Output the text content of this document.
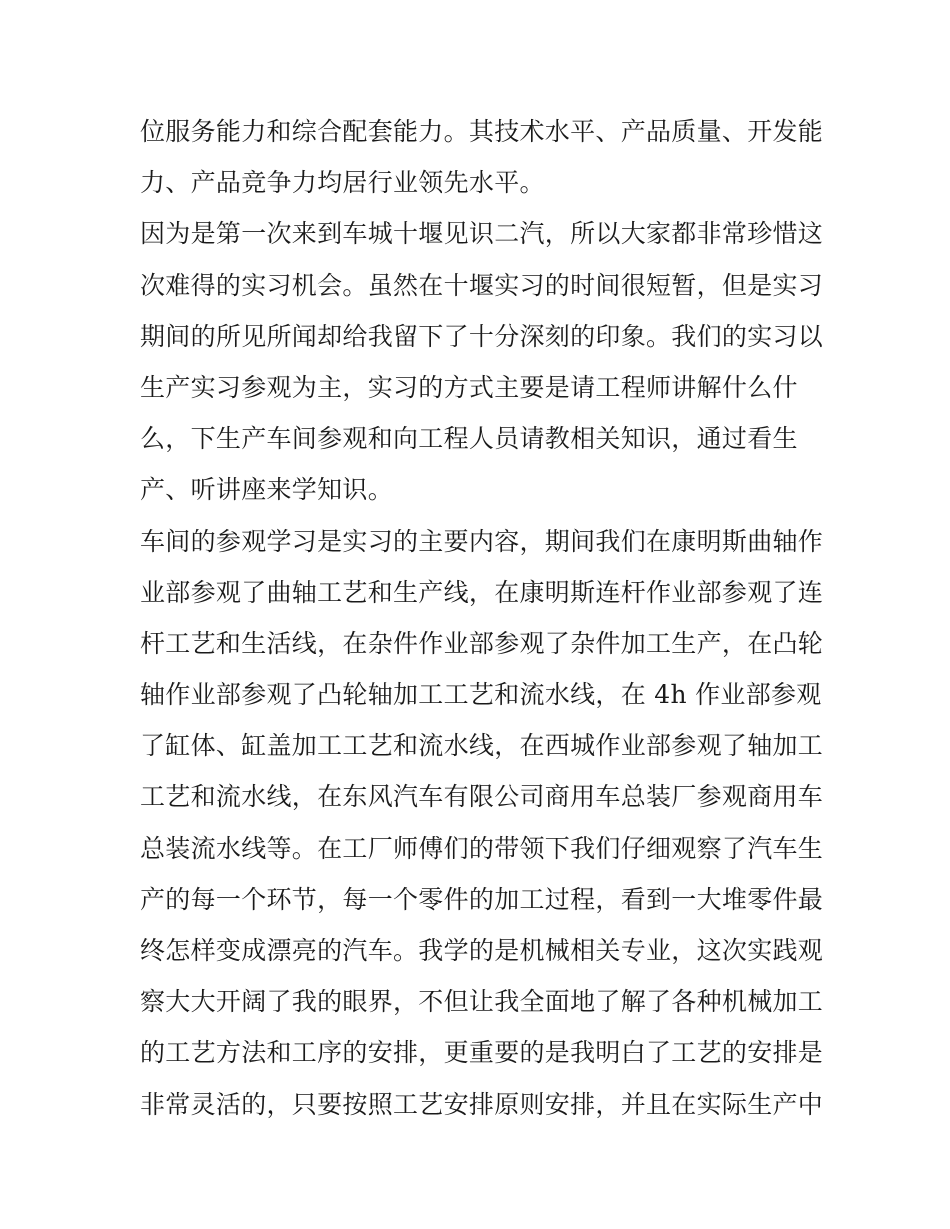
位服务能力和综合配套能力。其技术水平、产品质量、开发能
力、产品竞争力均居行业领先水平。
因为是第一次来到车城十堰见识二汽，所以大家都非常珍惜这
次难得的实习机会。虽然在十堰实习的时间很短暂，但是实习
期间的所见所闻却给我留下了十分深刻的印象。我们的实习以
生产实习参观为主，实习的方式主要是请工程师讲解什么什
么，下生产车间参观和向工程人员请教相关知识，通过看生
产、听讲座来学知识。
车间的参观学习是实习的主要内容，期间我们在康明斯曲轴作
业部参观了曲轴工艺和生产线，在康明斯连杆作业部参观了连
杆工艺和生活线，在杂件作业部参观了杂件加工生产，在凸轮
轴作业部参观了凸轮轴加工工艺和流水线，在 4h 作业部参观
了缸体、缸盖加工工艺和流水线，在西城作业部参观了轴加工
工艺和流水线，在东风汽车有限公司商用车总装厂参观商用车
总装流水线等。在工厂师傅们的带领下我们仔细观察了汽车生
产的每一个环节，每一个零件的加工过程，看到一大堆零件最
终怎样变成漂亮的汽车。我学的是机械相关专业，这次实践观
察大大开阔了我的眼界，不但让我全面地了解了各种机械加工
的工艺方法和工序的安排，更重要的是我明白了工艺的安排是
非常灵活的，只要按照工艺安排原则安排，并且在实际生产中
